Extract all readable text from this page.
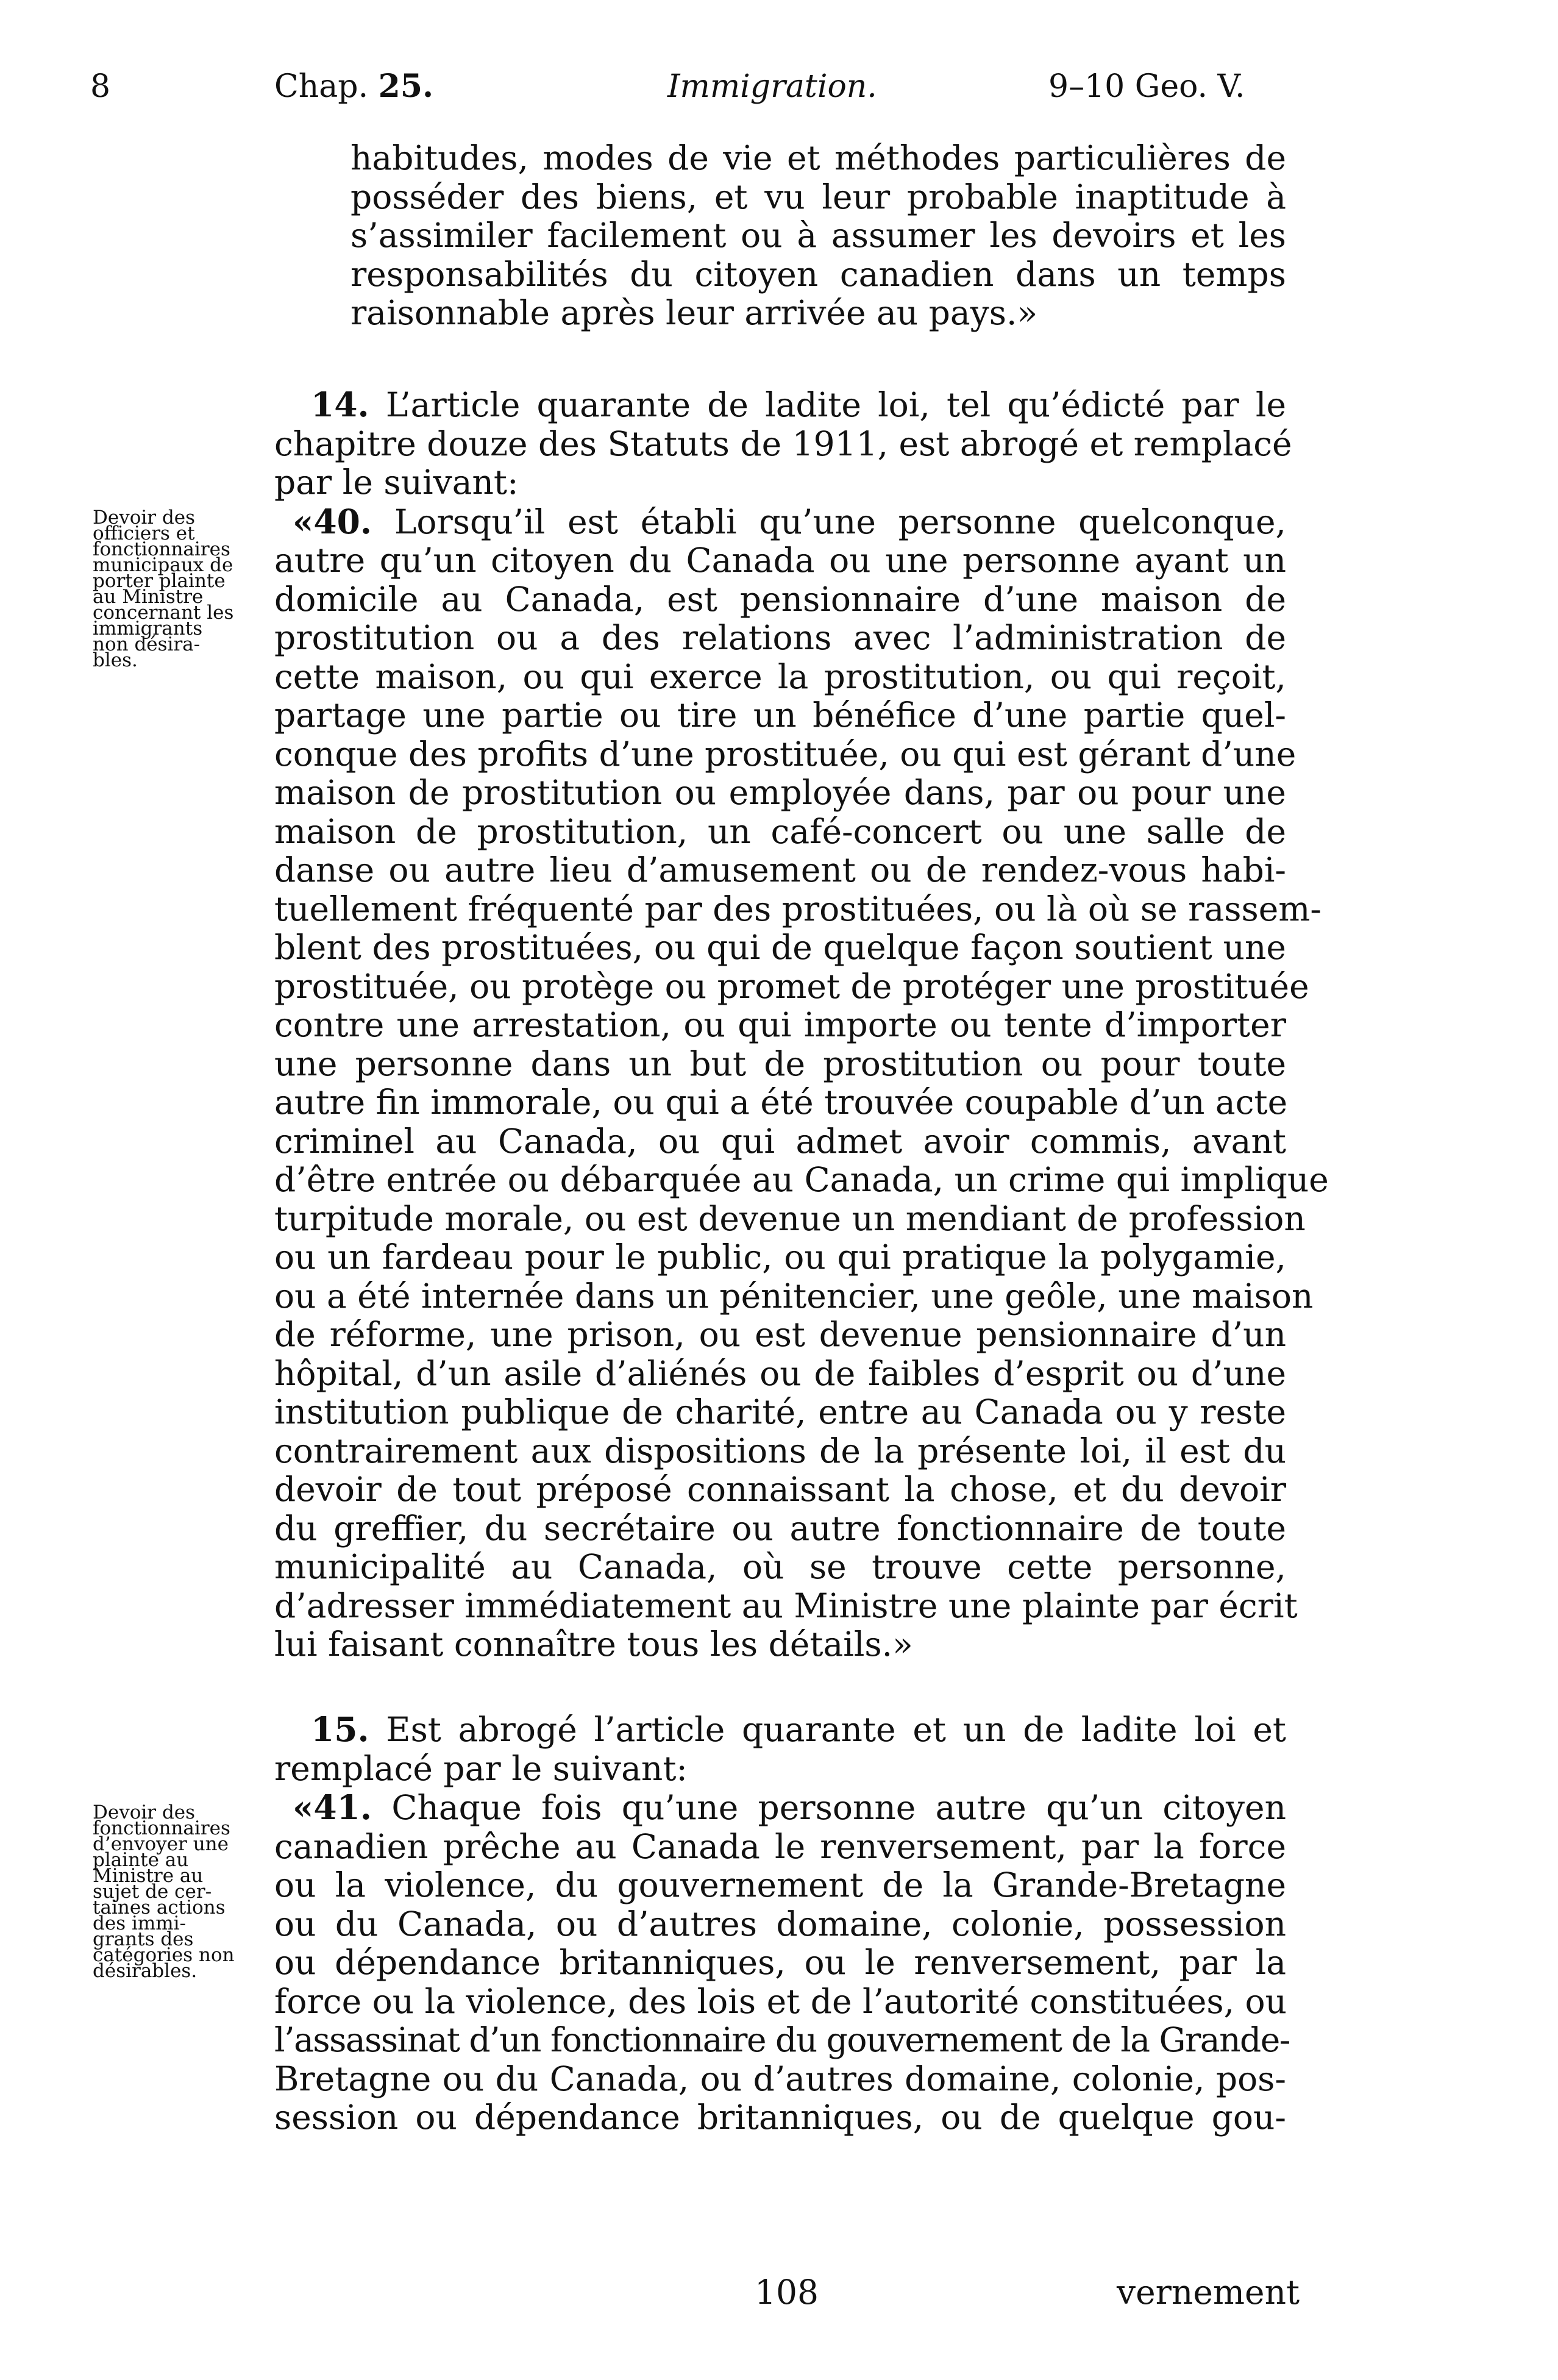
8	Chap. 25.	Immigration.	9–10 Geo. V.
habitudes, modes de vie et méthodes particulières de
posséder des biens, et vu leur probable inaptitude à
s’assimiler facilement ou à assumer les devoirs et les
responsabilités du citoyen canadien dans un temps
raisonnable après leur arrivée au pays.»
14. L’article quarante de ladite loi, tel qu’édicté par le
chapitre douze des Statuts de 1911, est abrogé et remplacé
par le suivant:
«40. Lorsqu’il est établi qu’une personne quelconque,
autre qu’un citoyen du Canada ou une personne ayant un
domicile au Canada, est pensionnaire d’une maison de
prostitution ou a des relations avec l’administration de
cette maison, ou qui exerce la prostitution, ou qui reçoit,
partage une partie ou tire un bénéfice d’une partie quel-
conque des profits d’une prostituée, ou qui est gérant d’une
maison de prostitution ou employée dans, par ou pour une
maison de prostitution, un café-concert ou une salle de
danse ou autre lieu d’amusement ou de rendez-vous habi-
tuellement fréquenté par des prostituées, ou là où se rassem-
blent des prostituées, ou qui de quelque façon soutient une
prostituée, ou protège ou promet de protéger une prostituée
contre une arrestation, ou qui importe ou tente d’importer
une personne dans un but de prostitution ou pour toute
autre fin immorale, ou qui a été trouvée coupable d’un acte
criminel au Canada, ou qui admet avoir commis, avant
d’être entrée ou débarquée au Canada, un crime qui implique
turpitude morale, ou est devenue un mendiant de profession
ou un fardeau pour le public, ou qui pratique la polygamie,
ou a été internée dans un pénitencier, une geôle, une maison
de réforme, une prison, ou est devenue pensionnaire d’un
hôpital, d’un asile d’aliénés ou de faibles d’esprit ou d’une
institution publique de charité, entre au Canada ou y reste
contrairement aux dispositions de la présente loi, il est du
devoir de tout préposé connaissant la chose, et du devoir
du greffier, du secrétaire ou autre fonctionnaire de toute
municipalité au Canada, où se trouve cette personne,
d’adresser immédiatement au Ministre une plainte par écrit
lui faisant connaître tous les détails.»
15. Est abrogé l’article quarante et un de ladite loi et
remplacé par le suivant:
«41. Chaque fois qu’une personne autre qu’un citoyen
canadien prêche au Canada le renversement, par la force
ou la violence, du gouvernement de la Grande-Bretagne
ou du Canada, ou d’autres domaine, colonie, possession
ou dépendance britanniques, ou le renversement, par la
force ou la violence, des lois et de l’autorité constituées, ou
l’assassinat d’un fonctionnaire du gouvernement de la Grande-
Bretagne ou du Canada, ou d’autres domaine, colonie, pos-
session ou dépendance britanniques, ou de quelque gou-
Devoir des
officiers et
fonctionnaires
municipaux de
porter plainte
au Ministre
concernant les
immigrants
non désira-
bles.
Devoir des
fonctionnaires
d’envoyer une
plainte au
Ministre au
sujet de cer-
taines actions
des immi-
grants des
catégories non
désirables.
108	vernement
